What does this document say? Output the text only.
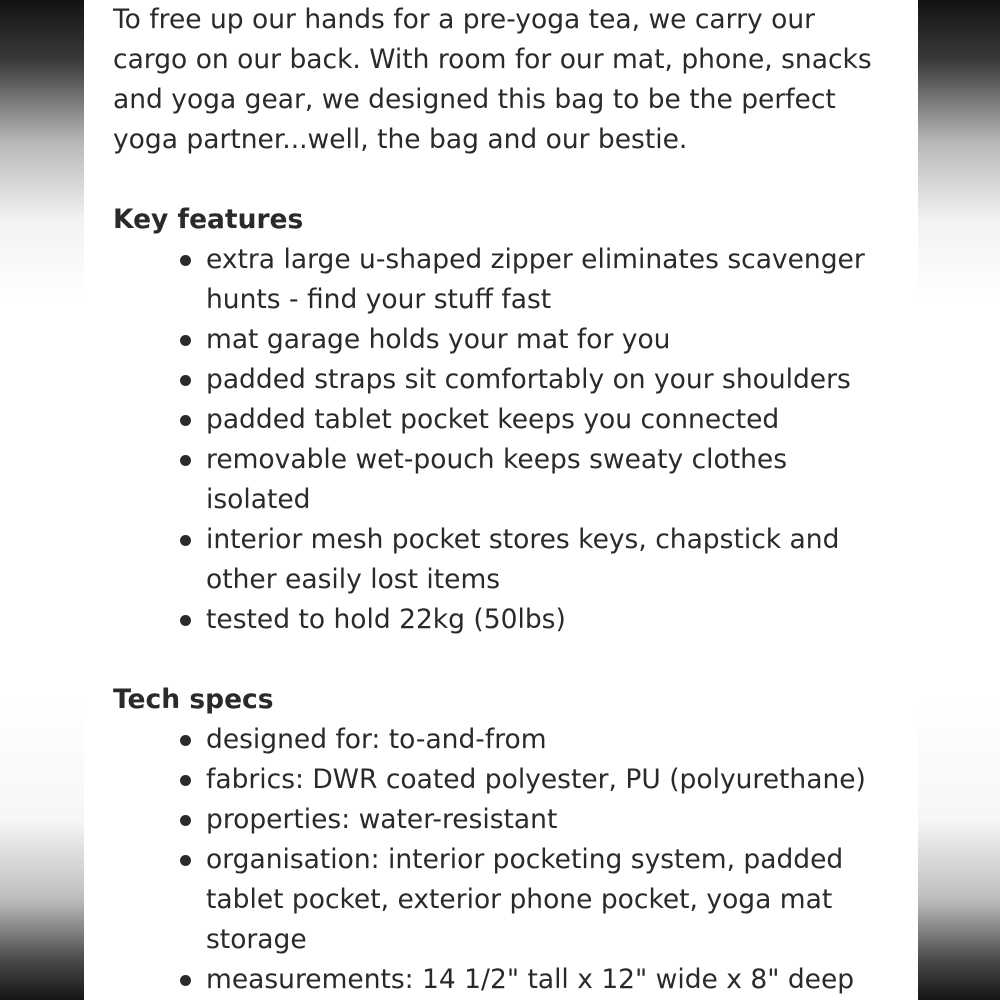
To free up our hands for a pre-yoga tea, we carry our cargo on our back. With room for our mat, phone, snacks and yoga gear, we designed this bag to be the perfect yoga partner...well, the bag and our bestie.

Key features
extra large u-shaped zipper eliminates scavenger hunts - find your stuff fast
mat garage holds your mat for you
padded straps sit comfortably on your shoulders
padded tablet pocket keeps you connected
removable wet-pouch keeps sweaty clothes isolated
interior mesh pocket stores keys, chapstick and other easily lost items
tested to hold 22kg (50lbs)
Tech specs
designed for: to-and-from
fabrics: DWR coated polyester, PU (polyurethane)
properties: water-resistant
organisation: interior pocketing system, padded tablet pocket, exterior phone pocket, yoga mat storage
measurements: 14 1/2" tall x 12" wide x 8" deep
